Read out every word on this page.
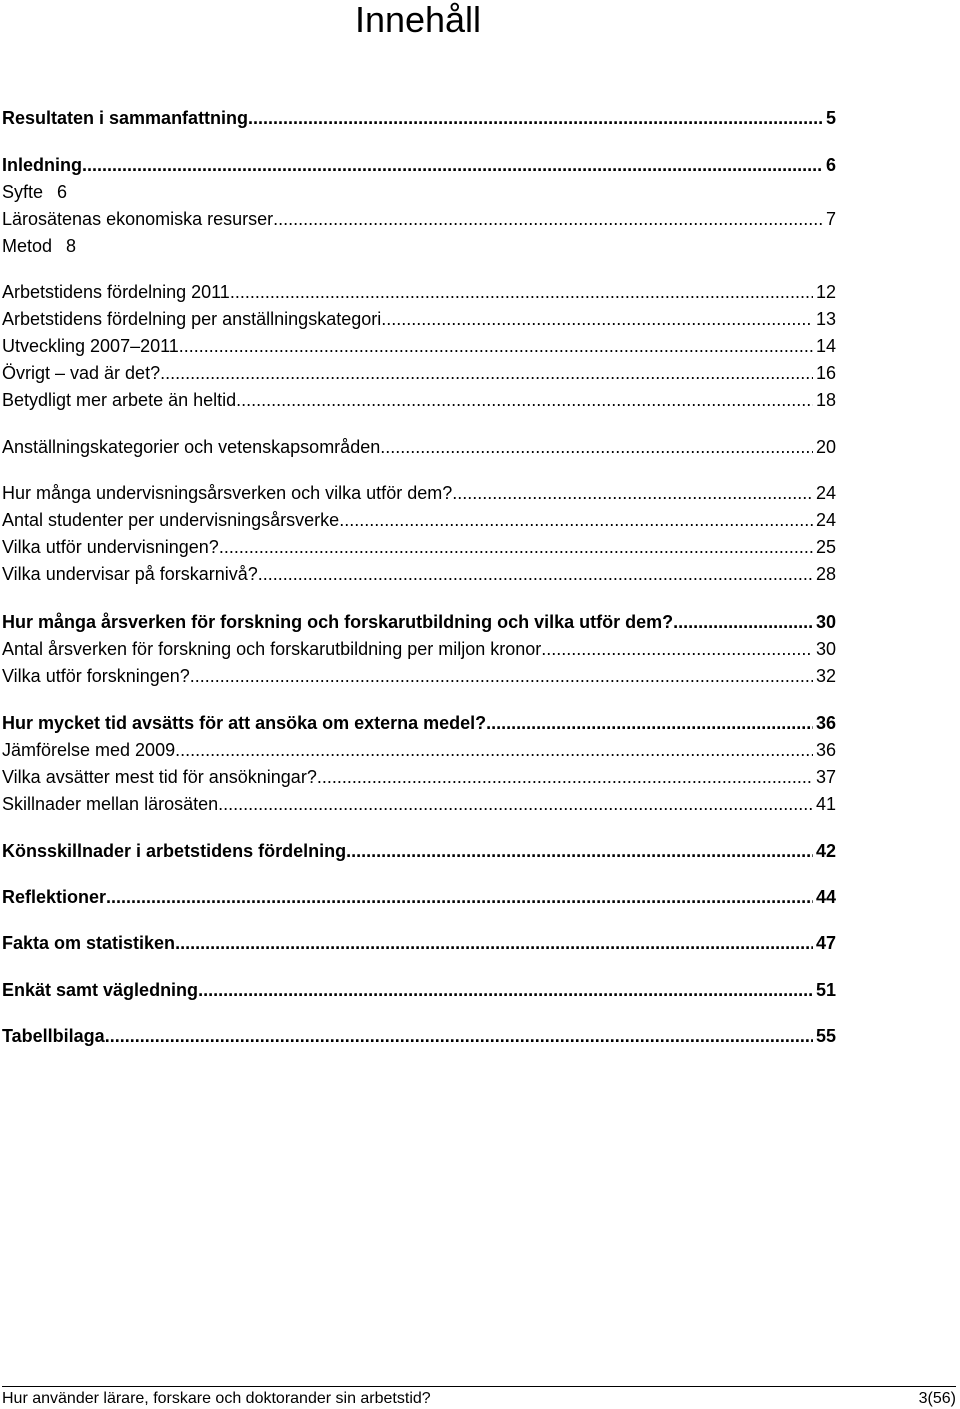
Innehåll
Resultaten i sammanfattning .....	5
Inledning .....	6
Syfte 6
Lärosätenas ekonomiska resurser .....	7
Metod 8
Arbetstidens fördelning 2011 .....	12
Arbetstidens fördelning per anställningskategori .....	13
Utveckling 2007–2011 .....	14
Övrigt – vad är det? .....	16
Betydligt mer arbete än heltid .....	18
Anställningskategorier och vetenskapsområden .....	20
Hur många undervisningsårsverken och vilka utför dem? .....	24
Antal studenter per undervisningsårsverke .....	24
Vilka utför undervisningen? .....	25
Vilka undervisar på forskarnivå? .....	28
Hur många årsverken för forskning och forskarutbildning och vilka utför dem? .....	30
Antal årsverken för forskning och forskarutbildning per miljon kronor .....	30
Vilka utför forskningen? .....	32
Hur mycket tid avsätts för att ansöka om externa medel? .....	36
Jämförelse med 2009 .....	36
Vilka avsätter mest tid för ansökningar? .....	37
Skillnader mellan lärosäten .....	41
Könsskillnader i arbetstidens fördelning .....	42
Reflektioner .....	44
Fakta om statistiken .....	47
Enkät samt vägledning .....	51
Tabellbilaga .....	55
Hur använder lärare, forskare och doktorander sin arbetstid?	3(56)
